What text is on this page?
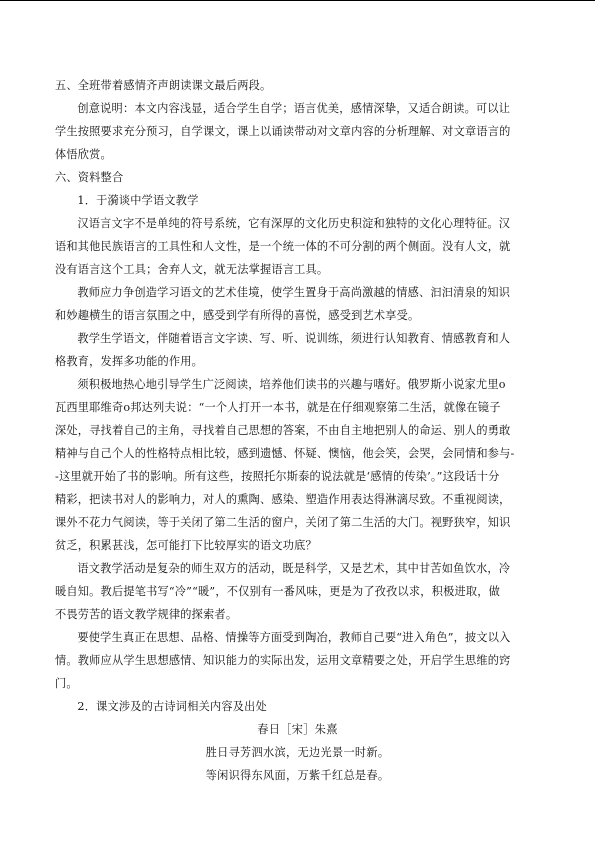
五、全班带着感情齐声朗读课文最后两段。
创意说明：本文内容浅显，适合学生自学；语言优美，感情深挚，又适合朗读。可以让
学生按照要求充分预习，自学课文，课上以诵读带动对文章内容的分析理解、对文章语言的
体悟欣赏。
六、资料整合
1．于漪谈中学语文教学
汉语言文字不是单纯的符号系统，它有深厚的文化历史积淀和独特的文化心理特征。汉
语和其他民族语言的工具性和人文性，是一个统一体的不可分割的两个侧面。没有人文，就
没有语言这个工具；舍弃人文，就无法掌握语言工具。
教师应力争创造学习语文的艺术佳境，使学生置身于高尚激越的情感、汩汩清泉的知识
和妙趣横生的语言氛围之中，感受到学有所得的喜悦，感受到艺术享受。
教学生学语文，伴随着语言文字读、写、听、说训练，须进行认知教育、情感教育和人
格教育，发挥多功能的作用。
须积极地热心地引导学生广泛阅读，培养他们读书的兴趣与嗜好。俄罗斯小说家尤里ο
瓦西里耶维奇ο邦达列夫说：“一个人打开一本书，就是在仔细观察第二生活，就像在镜子
深处，寻找着自己的主角，寻找着自己思想的答案，不由自主地把别人的命运、别人的勇敢
精神与自己个人的性格特点相比较，感到遗憾、怀疑、懊恼，他会笑，会哭，会同情和参与-
-这里就开始了书的影响。所有这些，按照托尔斯泰的说法就是‘感情的传染’。”这段话十分
精彩，把读书对人的影响力，对人的熏陶、感染、塑造作用表达得淋漓尽致。不重视阅读，
课外不花力气阅读，等于关闭了第二生活的窗户，关闭了第二生活的大门。视野狭窄，知识
贫乏，积累甚浅，怎可能打下比较厚实的语文功底？
语文教学活动是复杂的师生双方的活动，既是科学，又是艺术，其中甘苦如鱼饮水，冷
暖自知。教后提笔书写“冷”“暖”，不仅别有一番风味，更是为了孜孜以求，积极进取，做
不畏劳苦的语文教学规律的探索者。
要使学生真正在思想、品格、情操等方面受到陶冶，教师自己要“进入角色”，披文以入
情。教师应从学生思想感情、知识能力的实际出发，运用文章精要之处，开启学生思维的窍
门。
2．课文涉及的古诗词相关内容及出处
春日［宋］朱熹
胜日寻芳泗水滨，无边光景一时新。
等闲识得东风面，万紫千红总是春。
